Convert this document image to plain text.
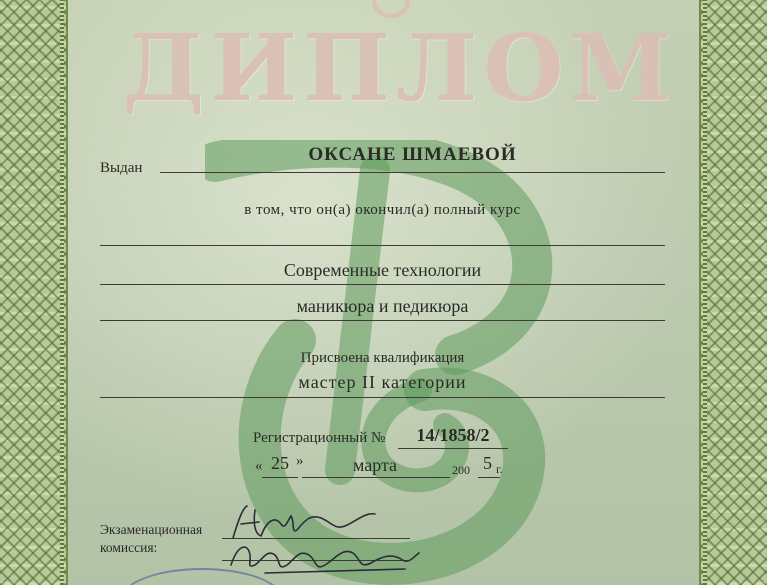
ДИПЛОМ
Выдан
ОКСАНЕ ШМАЕВОЙ
в том, что он(а) окончил(а) полный курс
Современные технологии
маникюра и педикюра
Присвоена квалификация
мастер II категории
Регистрационный №	14/1858/2
« 25 »	марта	200 5 г.
Экзаменационная
комиссия:
